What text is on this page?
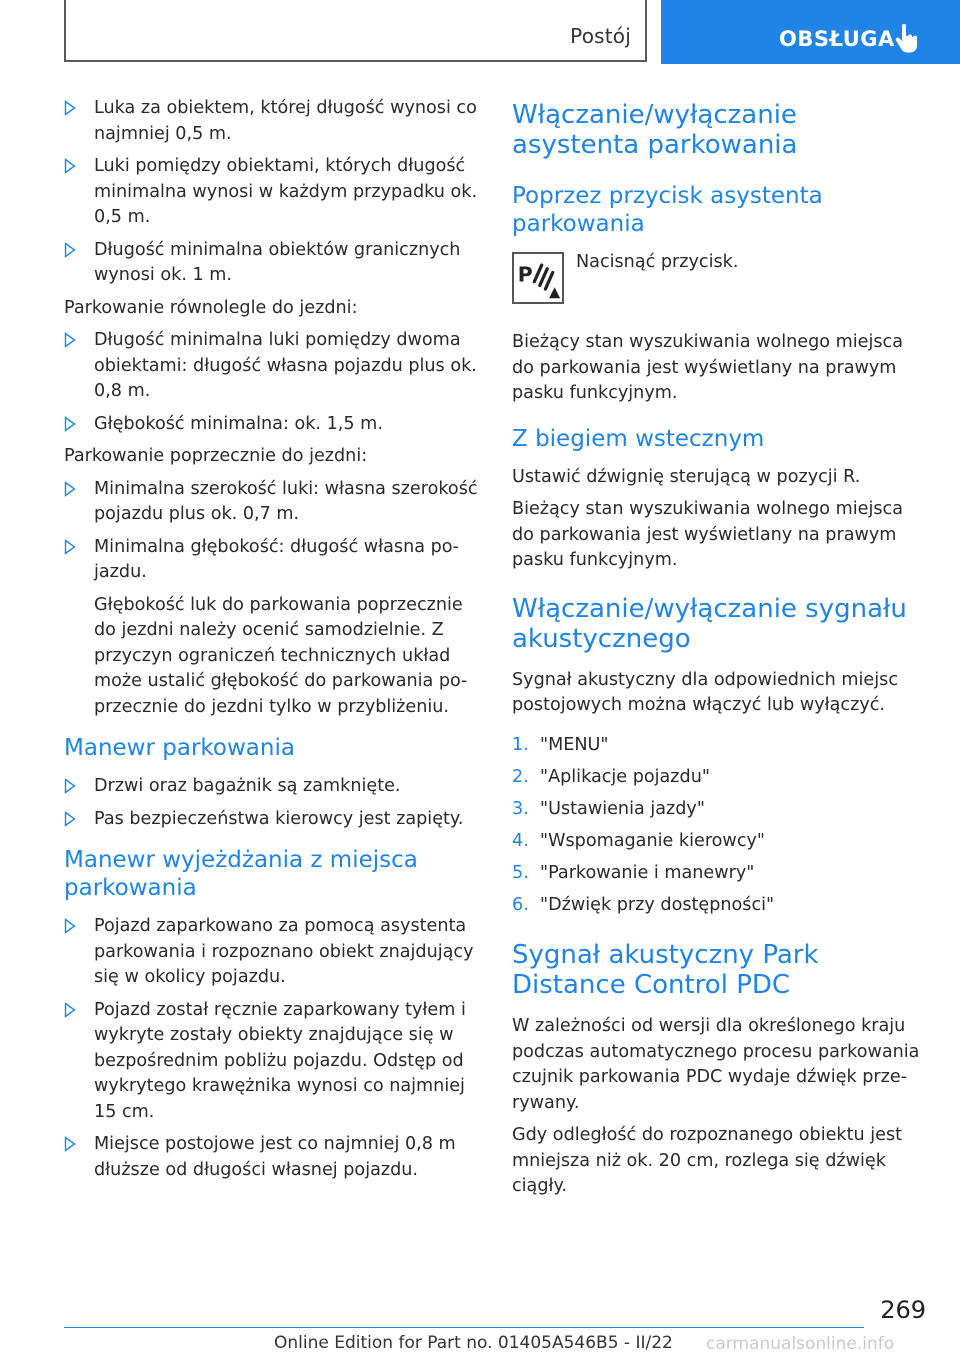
Postój	OBSŁUGA
Luka za obiektem, której długość wynosi co najmniej 0,5 m.
Luki pomiędzy obiektami, których długość minimalna wynosi w każdym przypadku ok. 0,5 m.
Długość minimalna obiektów granicznych wynosi ok. 1 m.

Parkowanie równolegle do jezdni:

Długość minimalna luki pomiędzy dwoma obiektami: długość własna pojazdu plus ok. 0,8 m.
Głębokość minimalna: ok. 1,5 m.

Parkowanie poprzecznie do jezdni:

Minimalna szerokość luki: własna szerokość pojazdu plus ok. 0,7 m.
Minimalna głębokość: długość własna pojazdu.

Głębokość luk do parkowania poprzecznie do jezdni należy ocenić samodzielnie. Z przyczyn ograniczeń technicznych układ może ustalić głębokość do parkowania poprzecznie do jezdni tylko w przybliżeniu.

Manewr parkowania
Drzwi oraz bagażnik są zamknięte.
Pas bezpieczeństwa kierowcy jest zapięty.
Manewr wyjeżdżania z miejsca parkowania
Pojazd zaparkowano za pomocą asystenta parkowania i rozpoznano obiekt znajdujący się w okolicy pojazdu.
Pojazd został ręcznie zaparkowany tyłem i wykryte zostały obiekty znajdujące się w bezpośrednim pobliżu pojazdu. Odstęp od wykrytego krawężnika wynosi co najmniej 15 cm.
Miejsce postojowe jest co najmniej 0,8 m dłuższe od długości własnej pojazdu.
Włączanie/wyłączanie asystenta parkowania
Poprzez przycisk asystenta parkowania
P
Nacisnąć przycisk.

Bieżący stan wyszukiwania wolnego miejsca do parkowania jest wyświetlany na prawym pasku funkcyjnym.

Z biegiem wstecznym

Ustawić dźwignię sterującą w pozycji R.

Bieżący stan wyszukiwania wolnego miejsca do parkowania jest wyświetlany na prawym pasku funkcyjnym.

Włączanie/wyłączanie sygnału akustycznego

Sygnał akustyczny dla odpowiednich miejsc postojowych można włączyć lub wyłączyć.

1. "MENU"
2. "Aplikacje pojazdu"
3. "Ustawienia jazdy"
4. "Wspomaganie kierowcy"
5. "Parkowanie i manewry"
6. "Dźwięk przy dostępności"
Sygnał akustyczny Park Distance Control PDC

W zależności od wersji dla określonego kraju podczas automatycznego procesu parkowania czujnik parkowania PDC wydaje dźwięk przerywany.

Gdy odległość do rozpoznanego obiektu jest mniejsza niż ok. 20 cm, rozlega się dźwięk ciągły.

269
Online Edition for Part no. 01405A546B5 - II/22 carmanualsonline.info
